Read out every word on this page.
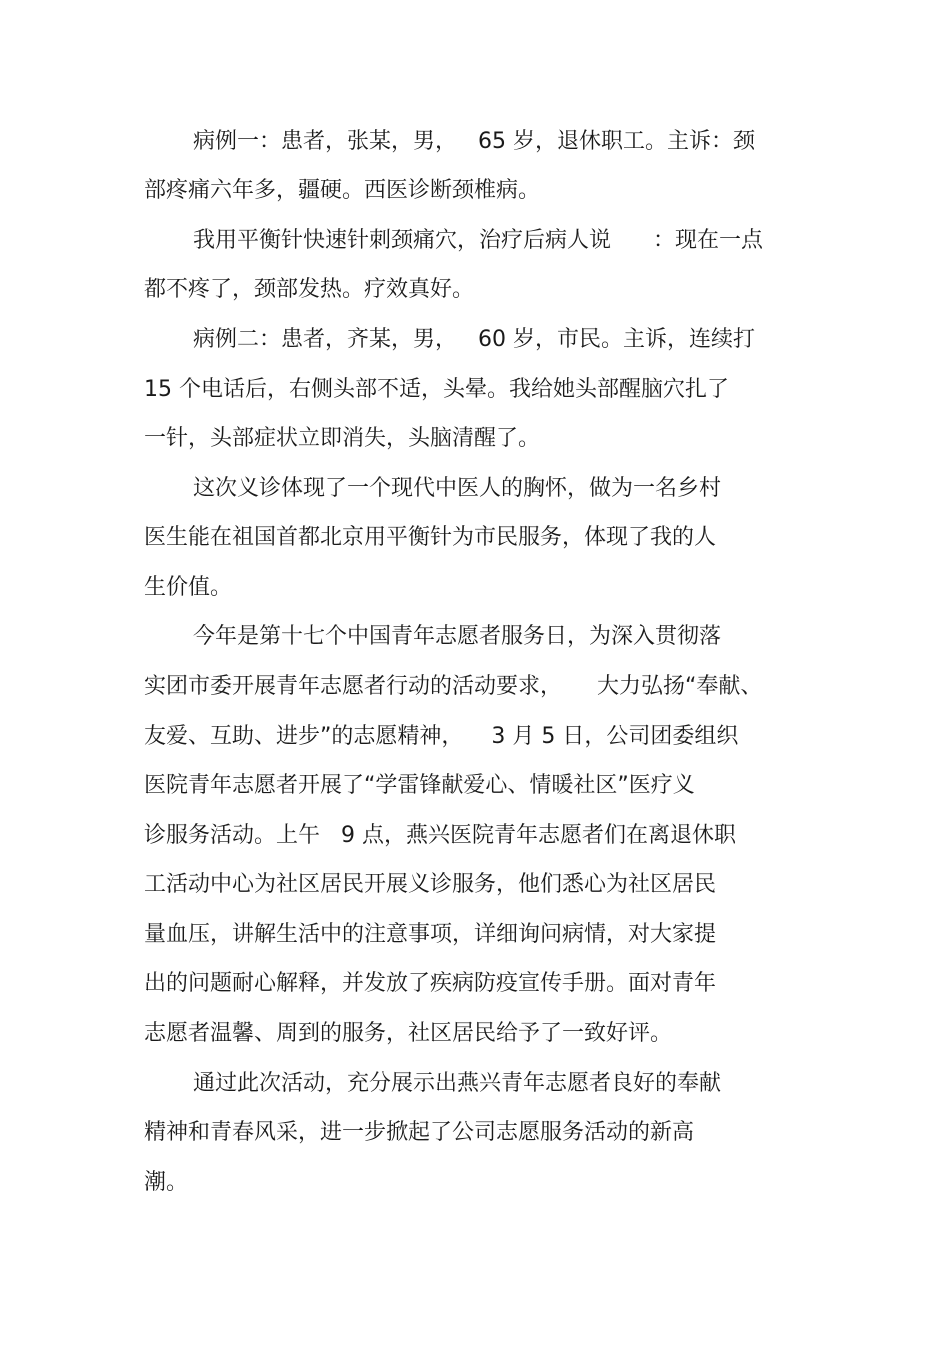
病例一：患者，张某，男，   65 岁，退休职工。主诉：颈
部疼痛六年多，疆硬。西医诊断颈椎病。
我用平衡针快速针刺颈痛穴，治疗后病人说      ：现在一点
都不疼了，颈部发热。疗效真好。
病例二：患者，齐某，男，   60 岁，市民。主诉，连续打
15 个电话后，右侧头部不适，头晕。我给她头部醒脑穴扎了
一针，头部症状立即消失，头脑清醒了。
这次义诊体现了一个现代中医人的胸怀，做为一名乡村
医生能在祖国首都北京用平衡针为市民服务，体现了我的人
生价值。
今年是第十七个中国青年志愿者服务日，为深入贯彻落
实团市委开展青年志愿者行动的活动要求，     大力弘扬“奉献、
友爱、互助、进步”的志愿精神，    3 月 5 日，公司团委组织
医院青年志愿者开展了“学雷锋献爱心、情暖社区”医疗义
诊服务活动。上午   9 点，燕兴医院青年志愿者们在离退休职
工活动中心为社区居民开展义诊服务，他们悉心为社区居民
量血压，讲解生活中的注意事项，详细询问病情，对大家提
出的问题耐心解释，并发放了疾病防疫宣传手册。面对青年
志愿者温馨、周到的服务，社区居民给予了一致好评。
通过此次活动，充分展示出燕兴青年志愿者良好的奉献
精神和青春风采，进一步掀起了公司志愿服务活动的新高
潮。
